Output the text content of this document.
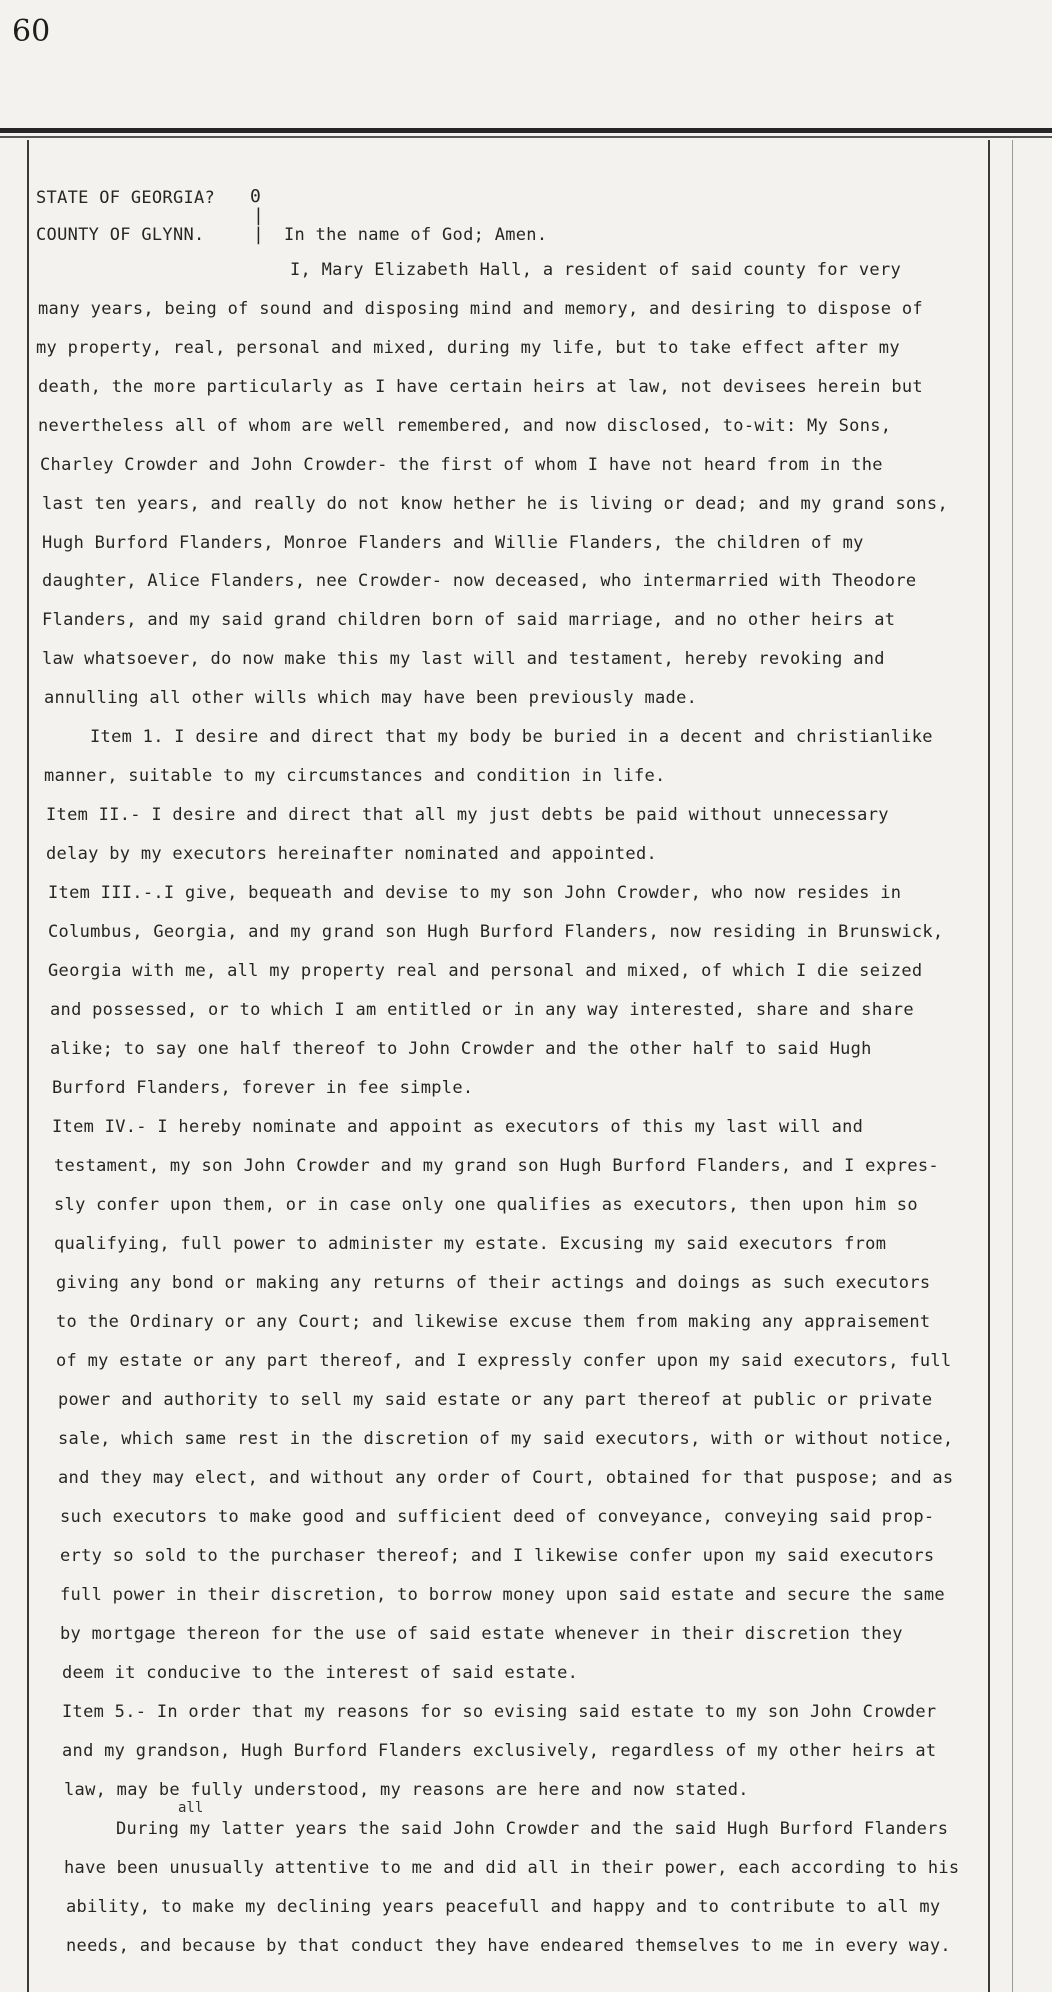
60
STATE OF GEORGIA?
COUNTY OF GLYNN.
0
|
| In the name of God; Amen.
I, Mary Elizabeth Hall, a resident of said county for very
many years, being of sound and disposing mind and memory, and desiring to dispose of
my property, real, personal and mixed, during my life, but to take effect after my
death, the more particularly as I have certain heirs at law, not devisees herein but
nevertheless all of whom are well remembered, and now disclosed, to-wit: My Sons,
Charley Crowder and John Crowder- the first of whom I have not heard from in the
last ten years, and really do not know hether he is living or dead; and my grand sons,
Hugh Burford Flanders, Monroe Flanders and Willie Flanders, the children of my
daughter, Alice Flanders, nee Crowder- now deceased, who intermarried with Theodore
Flanders, and my said grand children born of said marriage, and no other heirs at
law whatsoever, do now make this my last will and testament, hereby revoking and
annulling all other wills which may have been previously made.
Item 1. I desire and direct that my body be buried in a decent and christianlike
manner, suitable to my circumstances and condition in life.
Item II.- I desire and direct that all my just debts be paid without unnecessary
delay by my executors hereinafter nominated and appointed.
Item III.-.I give, bequeath and devise to my son John Crowder, who now resides in
Columbus, Georgia, and my grand son Hugh Burford Flanders, now residing in Brunswick,
Georgia with me, all my property real and personal and mixed, of which I die seized
and possessed, or to which I am entitled or in any way interested, share and share
alike; to say one half thereof to John Crowder and the other half to said Hugh
Burford Flanders, forever in fee simple.
Item IV.- I hereby nominate and appoint as executors of this my last will and
testament, my son John Crowder and my grand son Hugh Burford Flanders, and I expres-
sly confer upon them, or in case only one qualifies as executors, then upon him so
qualifying, full power to administer my estate. Excusing my said executors from
giving any bond or making any returns of their actings and doings as such executors
to the Ordinary or any Court; and likewise excuse them from making any appraisement
of my estate or any part thereof, and I expressly confer upon my said executors, full
power and authority to sell my said estate or any part thereof at public or private
sale, which same rest in the discretion of my said executors, with or without notice,
and they may elect, and without any order of Court, obtained for that puspose; and as
such executors to make good and sufficient deed of conveyance, conveying said prop-
erty so sold to the purchaser thereof; and I likewise confer upon my said executors
full power in their discretion, to borrow money upon said estate and secure the same
by mortgage thereon for the use of said estate whenever in their discretion they
deem it conducive to the interest of said estate.
Item 5.- In order that my reasons for so evising said estate to my son John Crowder
and my grandson, Hugh Burford Flanders exclusively, regardless of my other heirs at
law, may be fully understood, my reasons are here and now stated.
all
During my latter years the said John Crowder and the said Hugh Burford Flanders
have been unusually attentive to me and did all in their power, each according to his
ability, to make my declining years peacefull and happy and to contribute to all my
needs, and because by that conduct they have endeared themselves to me in every way.
